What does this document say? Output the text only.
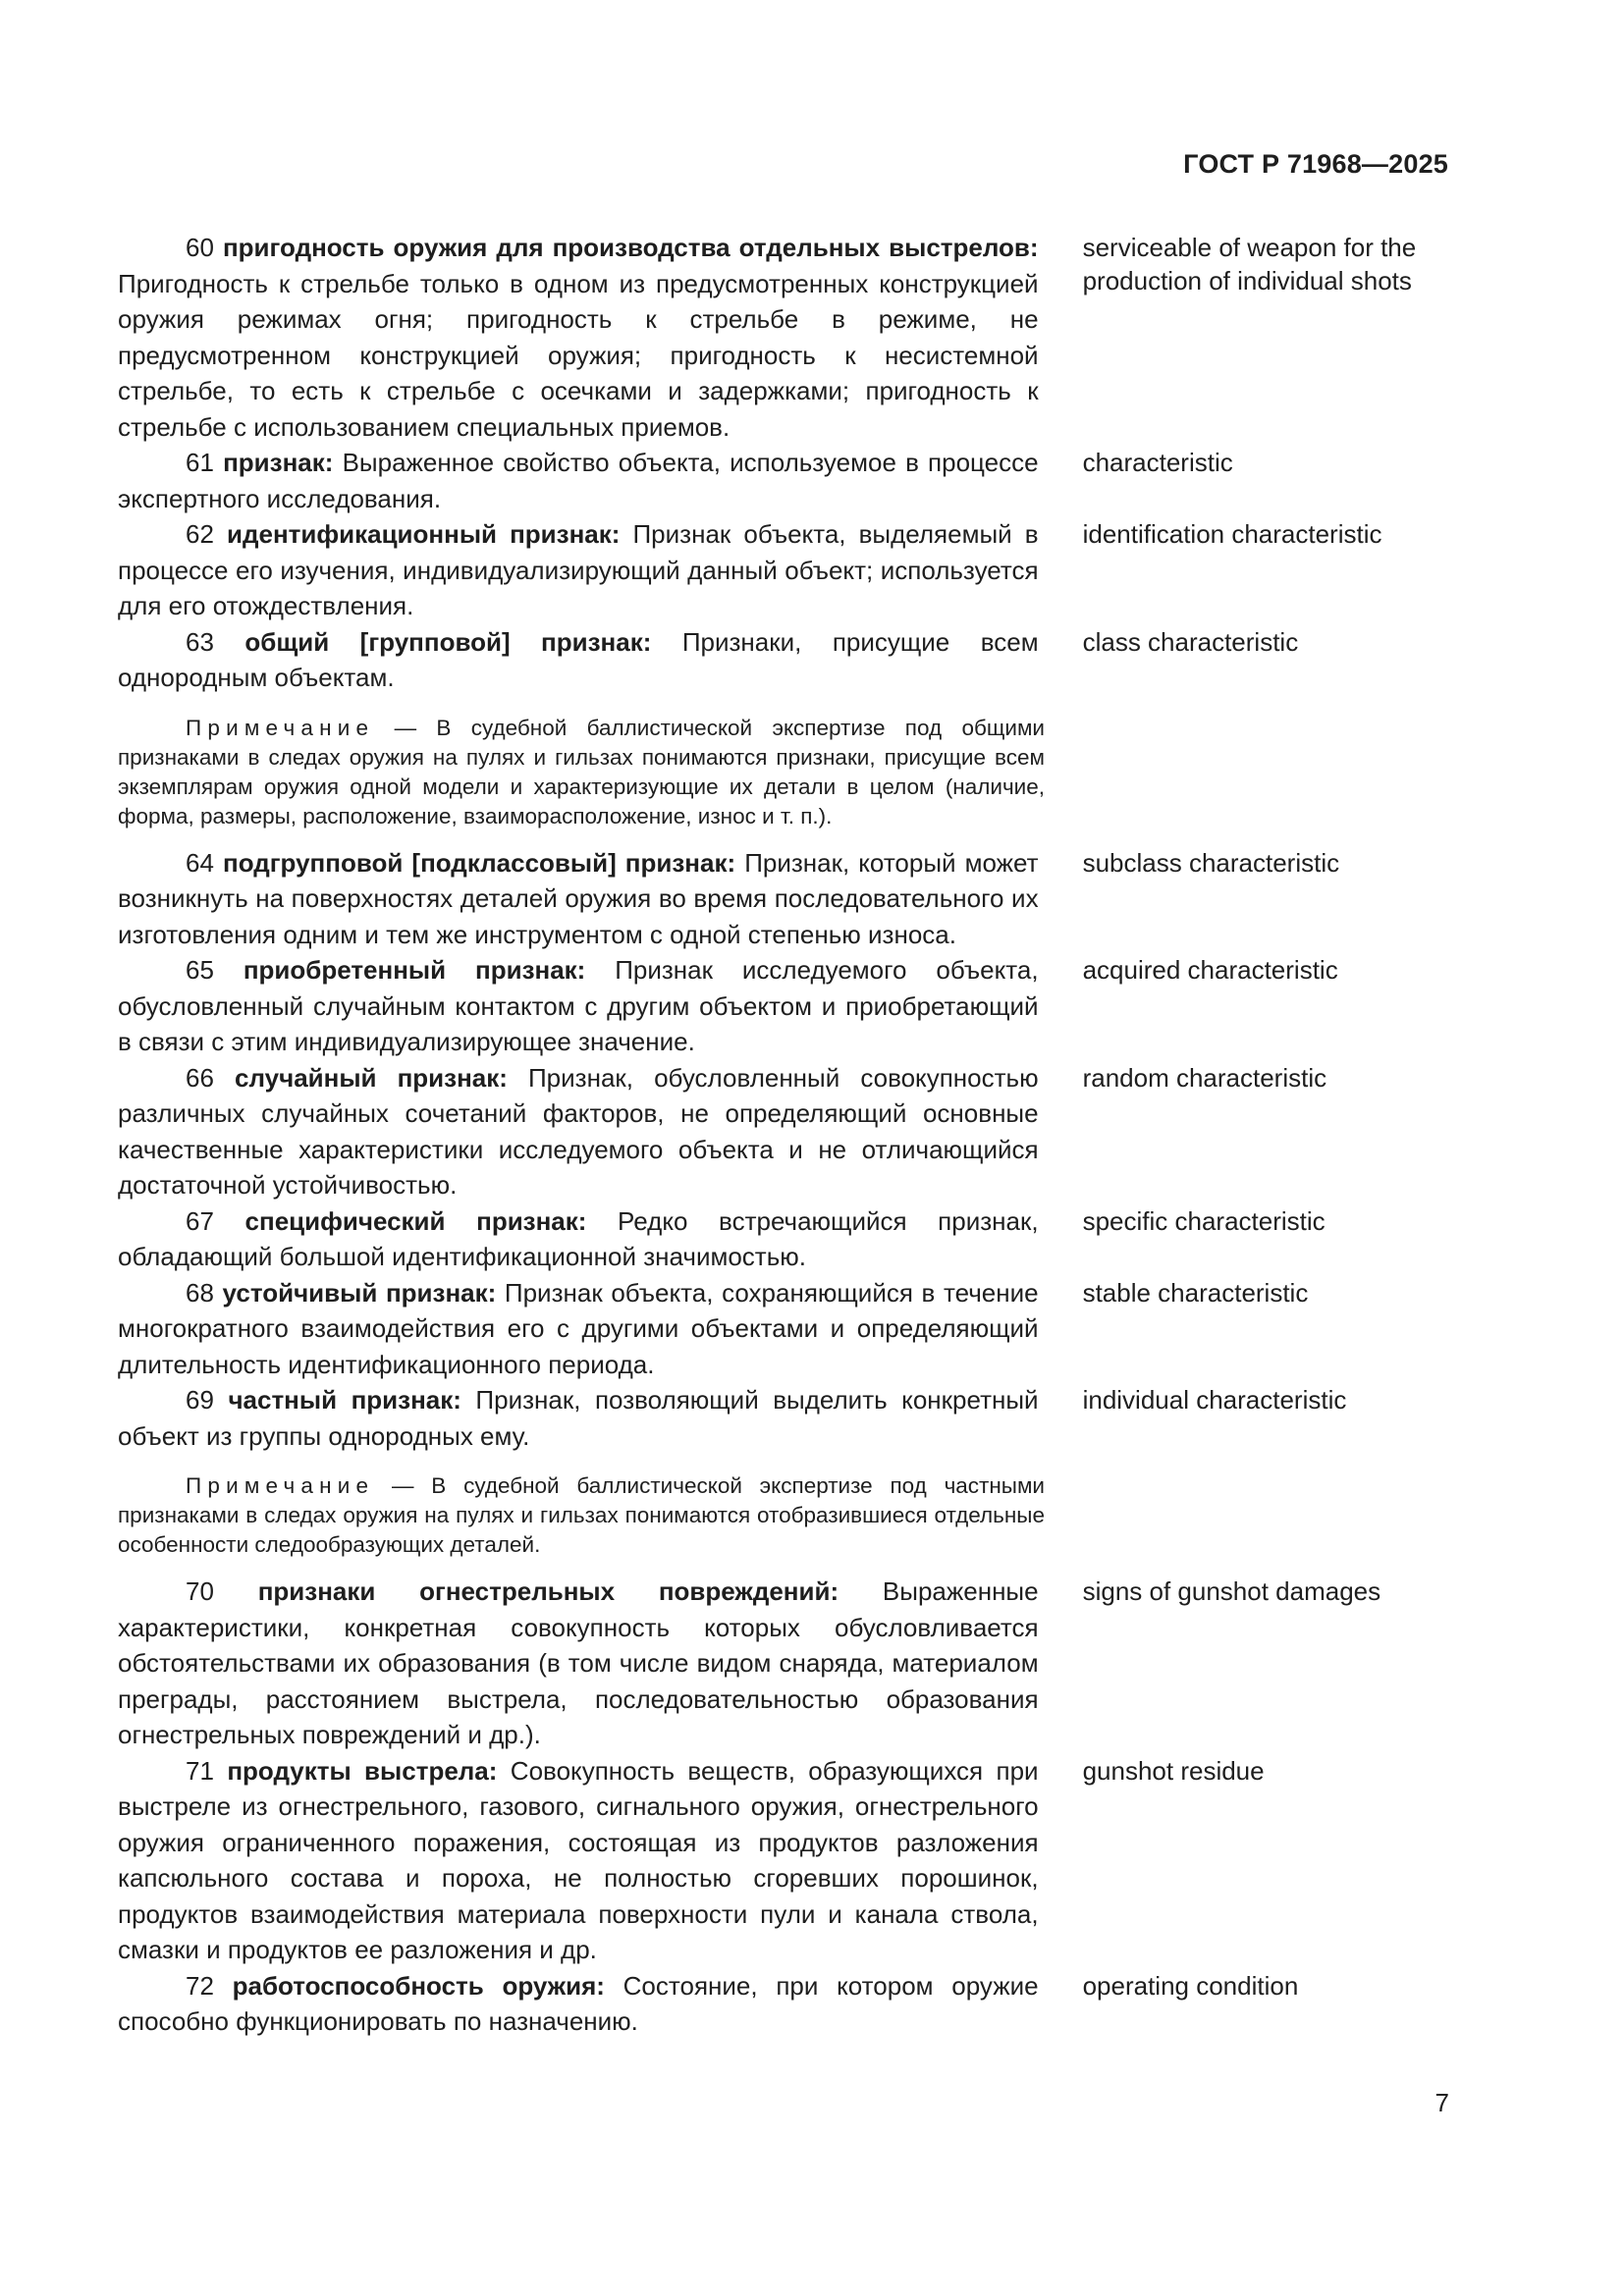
ГОСТ Р 71968—2025
60 пригодность оружия для производства отдельных выстрелов: Пригодность к стрельбе только в одном из предусмотренных конструкцией оружия режимах огня; пригодность к стрельбе в режиме, не предусмотренном конструкцией оружия; пригодность к несистемной стрельбе, то есть к стрельбе с осечками и задержками; пригодность к стрельбе с использованием специальных приемов.
serviceable of weapon for the production of individual shots
61 признак: Выраженное свойство объекта, используемое в процессе экспертного исследования.
characteristic
62 идентификационный признак: Признак объекта, выделяемый в процессе его изучения, индивидуализирующий данный объект; используется для его отождествления.
identification characteristic
63 общий [групповой] признак: Признаки, присущие всем однородным объектам.
class characteristic
Примечание — В судебной баллистической экспертизе под общими признаками в следах оружия на пулях и гильзах понимаются признаки, присущие всем экземплярам оружия одной модели и характеризующие их детали в целом (наличие, форма, размеры, расположение, взаиморасположение, износ и т. п.).
64 подгрупповой [подклассовый] признак: Признак, который может возникнуть на поверхностях деталей оружия во время последовательного их изготовления одним и тем же инструментом с одной степенью износа.
subclass characteristic
65 приобретенный признак: Признак исследуемого объекта, обусловленный случайным контактом с другим объектом и приобретающий в связи с этим индивидуализирующее значение.
acquired characteristic
66 случайный признак: Признак, обусловленный совокупностью различных случайных сочетаний факторов, не определяющий основные качественные характеристики исследуемого объекта и не отличающийся достаточной устойчивостью.
random characteristic
67 специфический признак: Редко встречающийся признак, обладающий большой идентификационной значимостью.
specific characteristic
68 устойчивый признак: Признак объекта, сохраняющийся в течение многократного взаимодействия его с другими объектами и определяющий длительность идентификационного периода.
stable characteristic
69 частный признак: Признак, позволяющий выделить конкретный объект из группы однородных ему.
individual characteristic
Примечание — В судебной баллистической экспертизе под частными признаками в следах оружия на пулях и гильзах понимаются отобразившиеся отдельные особенности следообразующих деталей.
70 признаки огнестрельных повреждений: Выраженные характеристики, конкретная совокупность которых обусловливается обстоятельствами их образования (в том числе видом снаряда, материалом преграды, расстоянием выстрела, последовательностью образования огнестрельных повреждений и др.).
signs of gunshot damages
71 продукты выстрела: Совокупность веществ, образующихся при выстреле из огнестрельного, газового, сигнального оружия, огнестрельного оружия ограниченного поражения, состоящая из продуктов разложения капсюльного состава и пороха, не полностью сгоревших порошинок, продуктов взаимодействия материала поверхности пули и канала ствола, смазки и продуктов ее разложения и др.
gunshot residue
72 работоспособность оружия: Состояние, при котором оружие способно функционировать по назначению.
operating condition
7
